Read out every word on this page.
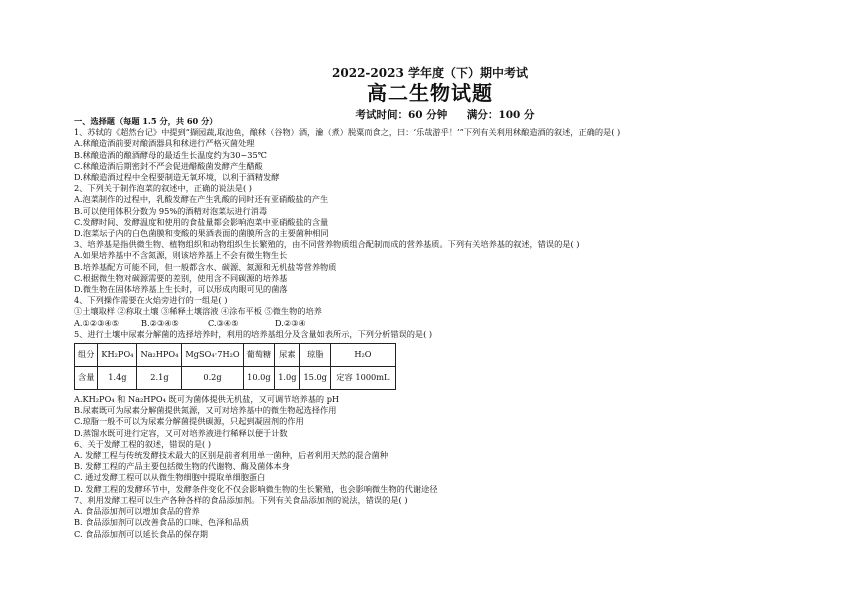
2022-2023 学年度（下）期中考试
高二生物试题
考试时间：60 分钟 满分：100 分
一、选择题（每题 1.5 分，共 60 分）
1、苏轼的《超然台记》中提到“撷园蔬,取池鱼，酿秫（谷物）酒，瀹（煮）脱粟而食之，曰：‘乐哉游乎！’”下列有关利用秫酿造酒的叙述，正确的是( )
A.秫酿造酒前要对酿酒器具和秫进行严格灭菌处理
B.秫酿造酒的酿酒酵母的最适生长温度约为30~35℃
C.秫酿造酒后期密封不严会促进醋酸菌发酵产生醋酸
D.秫酿造酒过程中全程要制造无氧环境，以利于酒精发酵
2、下列关于制作泡菜的叙述中，正确的说法是( )
A.泡菜制作的过程中，乳酸发酵在产生乳酸的同时还有亚硝酸盐的产生
B.可以使用体积分数为 95%的酒精对泡菜坛进行消毒
C.发酵时间、发酵温度和使用的食盐量都会影响泡菜中亚硝酸盐的含量
D.泡菜坛子内的白色菌膜和变酸的果酒表面的菌膜所含的主要菌种相同
3、培养基是指供微生物、植物组织和动物组织生长繁殖的，由不同营养物质组合配制而成的营养基质。下列有关培养基的叙述，错误的是( )
A.如果培养基中不含氮源，则该培养基上不会有微生物生长
B.培养基配方可能不同，但一般都含水、碳源、氮源和无机盐等营养物质
C.根据微生物对碳源需要的差别，使用含不同碳源的培养基
D.微生物在固体培养基上生长时，可以形成肉眼可见的菌落
4、下列操作需要在火焰旁进行的一组是( )
①土壤取样 ②称取土壤 ③稀释土壤溶液 ④涂布平板 ⑤微生物的培养
A.①②③④⑤	B.②③④⑤	C.③④⑤	D.②③④
5、进行土壤中尿素分解菌的选择培养时，利用的培养基组分及含量如表所示，下列分析错误的是( )
组分	KH₂PO₄	Na₂HPO₄	MgSO₄·7H₂O	葡萄糖	尿素	琼脂	H₂O
含量	1.4g	2.1g	0.2g	10.0g	1.0g	15.0g	定容 1000mL
A.KH₂PO₄ 和 Na₂HPO₄ 既可为菌体提供无机盐，又可调节培养基的 pH
B.尿素既可为尿素分解菌提供氮源，又可对培养基中的微生物起选择作用
C.琼脂一般不可以为尿素分解菌提供碳源，只起到凝固剂的作用
D.蒸馏水既可进行定容，又可对培养液进行稀释以便于计数
6、关于发酵工程的叙述，错误的是( )
A. 发酵工程与传统发酵技术最大的区别是前者利用单一菌种，后者利用天然的混合菌种
B. 发酵工程的产品主要包括微生物的代谢物、酶及菌体本身
C. 通过发酵工程可以从微生物细胞中提取单细胞蛋白
D. 发酵工程的发酵环节中，发酵条件变化不仅会影响微生物的生长繁殖，也会影响微生物的代谢途径
7、利用发酵工程可以生产各种各样的食品添加剂。下列有关食品添加剂的说法，错误的是( )
A. 食品添加剂可以增加食品的营养
B. 食品添加剂可以改善食品的口味、色泽和品质
C. 食品添加剂可以延长食品的保存期
